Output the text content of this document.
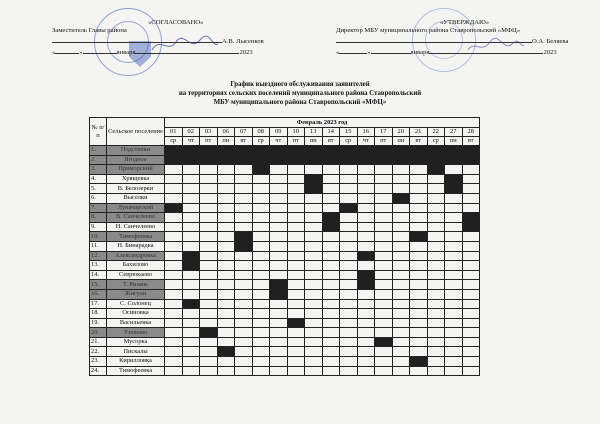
«СОГЛАСОВАНО»	«УТВЕРЖДАЮ»
Заместитель Главы района	Директор МБУ муниципального района Ставропольский «МФЦ»
А.В. Лысенков	О.А. Беляева
«	»	января	2023	«	»	января	2023
График выездного обслуживания заявителей
на территориях сельских поселений муниципального района Ставропольский
МБУ муниципального района Ставропольский «МФЦ»
№ п/п	Сельское поселение	Февраль 2023 год																	
		01	02	03	06	07	08	09	10	13	14	15	16	17	20	21	22	27	28
		ср	чт	пт	пн	вт	ср	чт	пт	пн	вт	ср	чт	пт	пн	вт	ср	пн	вт
1.	Подстепки																		
2.	Ягодное																		
3.	Приморский																		
4.	Хрящевка																		
5.	В. Белозерки																		
6.	Выселки																		
7.	Луначарский																		
8.	В. Санчелеево																		
9.	Н. Санчелеево																		
10.	Тимофеевка																		
11.	Н. Бинарадка																		
12.	Александровка																		
13.	Бахилово																		
14.	Севрюкаево																		
15.	Т. Ризань																		
16.	Жигули																		
17.	С. Солонец																		
18.	Осиновка																		
19.	Васильевка																		
20.	Узюково																		
21.	Мусорка																		
22.	Пискалы																		
23.	Кирилловка																		
24.	Тимофеевка																		
